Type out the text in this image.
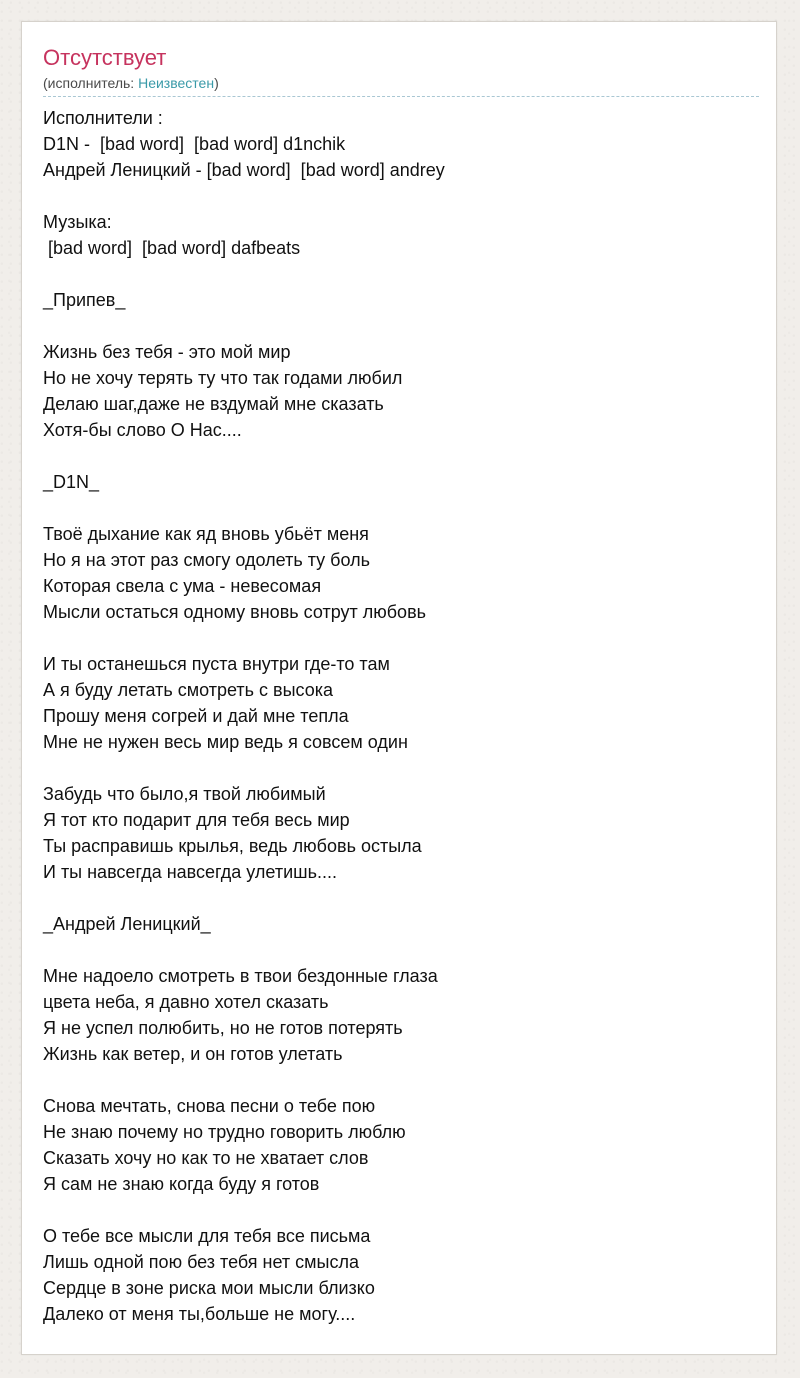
Отсутствует
(исполнитель: Неизвестен)
Исполнители :
D1N -  [bad word]  [bad word] d1nchik
Андрей Леницкий - [bad word]  [bad word] andrey
Музыка:
[bad word]  [bad word] dafbeats
_Припев_
Жизнь без тебя - это мой мир
Но не хочу терять ту что так годами любил
Делаю шаг,даже не вздумай мне сказать
Хотя-бы слово О Нас....
_D1N_
Твоё дыхание как яд вновь убьёт меня
Но я на этот раз смогу одолеть ту боль
Которая свела с ума - невесомая
Мысли остаться одному вновь сотрут любовь
И ты останешься пуста внутри где-то там
А я буду летать смотреть с высока
Прошу меня согрей и дай мне тепла
Мне не нужен весь мир ведь я совсем один
Забудь что было,я твой любимый
Я тот кто подарит для тебя весь мир
Ты расправишь крылья, ведь любовь остыла
И ты навсегда навсегда улетишь....
_Андрей Леницкий_
Мне надоело смотреть в твои бездонные глаза
цвета неба, я давно хотел сказать
Я не успел полюбить, но не готов потерять
Жизнь как ветер, и он готов улетать
Снова мечтать, снова песни о тебе пою
Не знаю почему но трудно говорить люблю
Сказать хочу но как то не хватает слов
Я сам не знаю когда буду я готов
О тебе все мысли для тебя все письма
Лишь одной пою без тебя нет смысла
Сердце в зоне риска мои мысли близко
Далеко от меня ты,больше не могу....
